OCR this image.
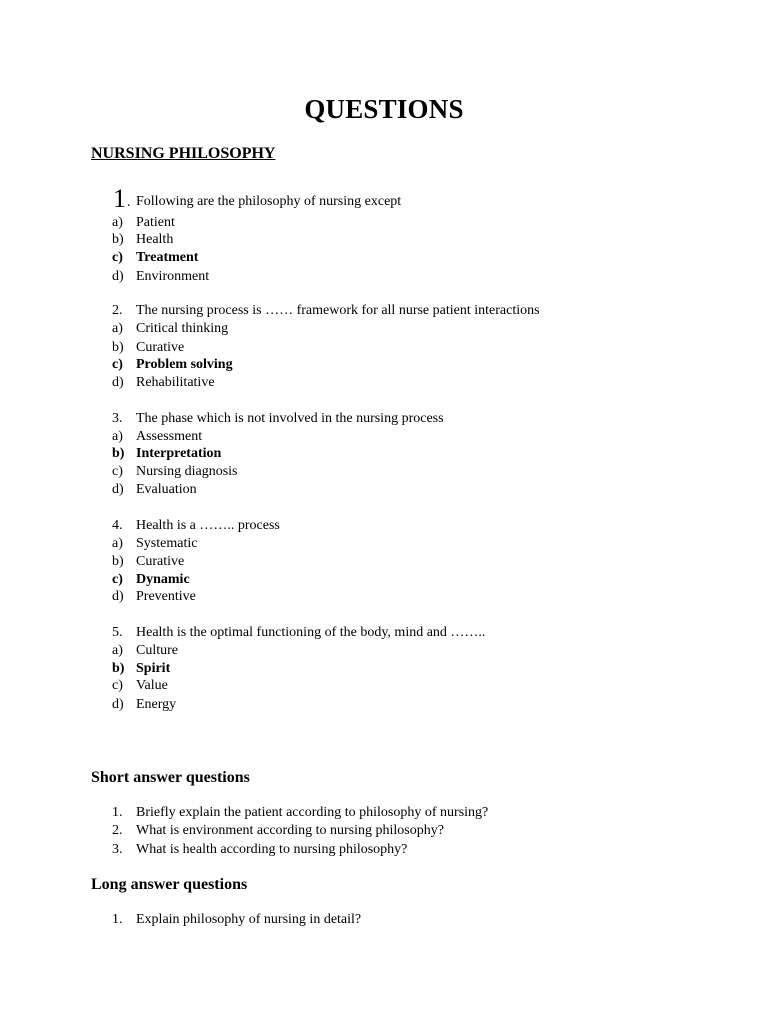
QUESTIONS
NURSING PHILOSOPHY
1 . Following are the philosophy of nursing except
a) Patient
b) Health
c) Treatment
d) Environment
2. The nursing process is …… framework for all nurse patient interactions
a) Critical thinking
b) Curative
c) Problem solving
d) Rehabilitative
3. The phase which is not involved in the nursing process
a) Assessment
b) Interpretation
c) Nursing diagnosis
d) Evaluation
4. Health is a …….. process
a) Systematic
b) Curative
c) Dynamic
d) Preventive
5. Health is the optimal functioning of the body, mind and ……..
a) Culture
b) Spirit
c) Value
d) Energy
Short answer questions
1. Briefly explain the patient according to philosophy of nursing?
2. What is environment according to nursing philosophy?
3. What is health according to nursing philosophy?
Long answer questions
1. Explain philosophy of nursing in detail?
